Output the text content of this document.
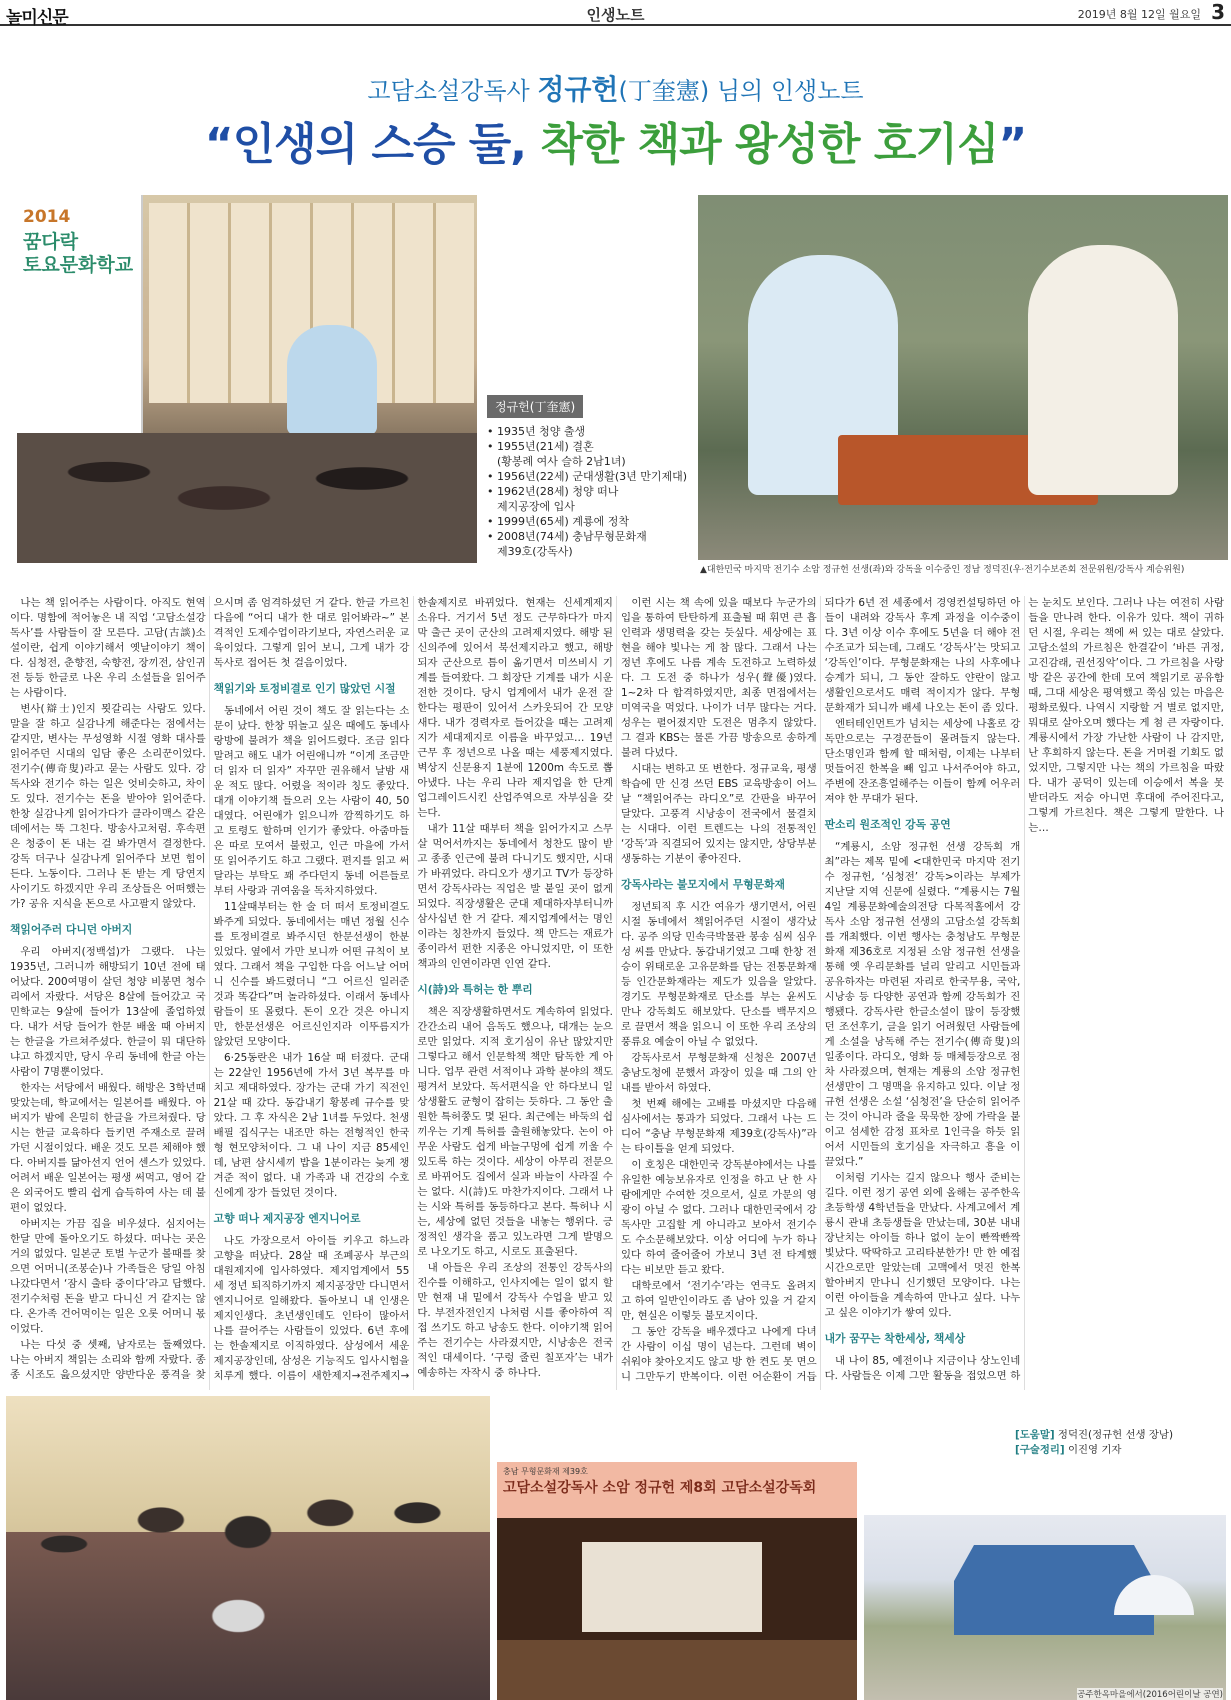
놀미신문	인생노트	2019년 8월 12일 월요일 3
고담소설강독사 정규헌(丁奎憲) 님의 인생노트
“인생의 스승 둘, 착한 책과 왕성한 호기심”
2014
꿈다락
토요문화학교
정규헌(丁奎憲)
• 1935년 청양 출생
• 1955년(21세) 결혼
(황봉례 여사 슬하 2남1녀)
• 1956년(22세) 군대생활(3년 만기제대)
• 1962년(28세) 청양 떠나
제지공장에 입사
• 1999년(65세) 계룡에 정착
• 2008년(74세) 충남무형문화재
제39호(강독사)
▲대한민국 마지막 전기수 소암 정규헌 선생(좌)와 강독을 이수중인 정남 정덕진(우·전기수보존회 전문위원/강독사 계승위원)

나는 책 읽어주는 사람이다. 아직도 현역이다. 명함에 적어놓은 내 직업 ‘고담소설강독사’를 사람들이 잘 모른다. 고담(古談)소설이란, 쉽게 이야기해서 옛날이야기 책이다. 심청전, 춘향전, 숙향전, 장끼전, 삼인귀전 등등 한글로 나온 우리 소설들을 읽어주는 사람이다.

변사(辯士)인지 묏갈리는 사람도 있다. 말을 잘 하고 실감나게 해준다는 점에서는 같지만, 변사는 무성영화 시절 영화 대사를 읽어주던 시대의 입담 좋은 소리꾼이었다. 전기수(傳奇叟)라고 묻는 사람도 있다. 강독사와 전기수 하는 일은 엇비슷하고, 차이도 있다. 전기수는 돈을 받아야 읽어준다. 한창 실감나게 읽어가다가 클라이맥스 같은 데에서는 뚝 그친다. 방송사고처럼. 후속편은 청중이 돈 내는 걸 봐가면서 결정한다. 강독 더구나 실감나게 읽어주다 보면 힘이 든다. 노동이다. 그러나 돈 받는 게 당연지사이기도 하겠지만 우리 조상들은 어떠했는가? 공유 지식을 돈으로 사고팔지 않았다.

책읽어주러 다니던 아버지

우리 아버지(정백섭)가 그랬다. 나는 1935년, 그러니까 해방되기 10년 전에 태어났다. 200여명이 살던 청양 비봉면 청수리에서 자랐다. 서당은 8살에 들어갔고 국민학교는 9살에 들어가 13살에 졸업하였다. 내가 서당 들어가 한문 배울 때 아버지는 한글을 가르쳐주셨다. 한글이 뭐 대단하냐고 하겠지만, 당시 우리 동네에 한글 아는 사람이 7명뿐이었다.

한자는 서당에서 배웠다. 해방은 3학년때 맞았는데, 학교에서는 일본어를 배웠다. 아버지가 밤에 은밀히 한글을 가르쳐줬다. 당시는 한글 교육하다 들키면 주재소로 끌려가던 시절이었다. 배운 것도 모른 체해야 했다. 아버지를 닮아선지 언어 센스가 있었다. 어려서 배운 일본어는 평생 써먹고, 영어 같은 외국어도 빨리 쉽게 습득하여 사는 데 불편이 없었다.

아버지는 가끔 집을 비우셨다. 심지어는 한달 만에 돌아오기도 하셨다. 떠나는 곳은 거의 없었다. 일본군 토벌 누군가 볼때를 찾으면 어머니(조봉순)나 가족들은 당일 아침 나갔다면서 ‘잠시 출타 중이다’라고 답했다. 전기수처럼 돈을 받고 다니신 거 같지는 않다. 온가족 건어먹이는 일은 오롯 어머니 몫이었다.

나는 다섯 중 셋째, 남자로는 둘째였다. 나는 아버지 책읽는 소리와 함께 자랐다. 종종 시조도 읊으셨지만 양반다운 풍격을 찾으시며 좀 엄격하셨던 거 같다. 한글 가르친 다음에 “어디 내가 한 대로 읽어봐라~” 본격적인 도제수업이라기보다, 자연스러운 교육이었다. 그렇게 읽어 보니, 그게 내가 강독사로 접어든 첫 걸음이었다.

책읽기와 토정비결로 인기 많았던 시절

동네에서 어린 것이 책도 잘 읽는다는 소문이 났다. 한창 뛰놀고 싶은 때에도 동네사랑방에 불려가 책을 읽어드렸다. 조금 읽다 말려고 해도 내가 어린애니까 “이게 조금만 더 읽자 더 읽자” 자꾸만 권유해서 날밤 새운 적도 많다. 어렸을 적이라 칭도 좋았다. 대개 이야기책 들으러 오는 사람이 40, 50대였다. 어린애가 읽으니까 깜찍하기도 하고 토령도 할하며 인기가 좋았다. 아줌마들은 따로 모여서 불렀고, 인근 마을에 가서 또 읽어주기도 하고 그랬다. 편지를 읽고 써달라는 부탁도 꽤 주다던지 동네 어른들로부터 사랑과 귀여움을 독차지하였다.

11살때부터는 한 술 더 떠서 토정비결도 봐주게 되었다. 동네에서는 매년 정월 신수를 토정비결로 봐주시던 한문선생이 한분 있었다. 옆에서 가만 보니까 어떤 규칙이 보였다. 그래서 책을 구입한 다음 어느날 어머니 신수를 봐드렸더니 “그 어르신 일러준 것과 똑같다”며 놀라하셨다. 이래서 동네사람들이 또 몰렸다. 돈이 오간 것은 아니지만, 한문선생은 어르신인지라 이뚜름지가 않았던 모양이다.

6·25동란은 내가 16살 때 터졌다. 군대는 22살인 1956년에 가서 3년 복무를 마치고 제대하였다. 장가는 군대 가기 직전인 21살 때 갔다. 동갑내기 황봉례 규수를 맞았다. 그 후 자식은 2남 1녀를 두었다. 천생배필 집식구는 내조만 하는 전형적인 한국형 현모양처이다. 그 내 나이 지금 85세인데, 남편 삼시세끼 밥을 1분이라는 늦게 챙겨준 적이 없다. 내 가족과 내 건강의 수호신에게 장가 들었던 것이다.

고향 떠나 제지공장 엔지니어로

나도 가장으로서 아이들 키우고 하느라 고향을 떠났다. 28살 때 조폐공사 부근의 대원제지에 입사하였다. 제지업계에서 55세 정년 퇴직하기까지 제지공장만 다니면서 엔지니어로 일해왔다. 돌아보니 내 인생은 제지인생다. 초년생인데도 인타이 많아서 나를 끌어주는 사람들이 있었다. 6년 후에는 한솔제지로 이직하였다. 삼성에서 세운 제지공장인데, 삼성은 기능직도 입사시험을 치루게 했다. 이름이 새한제지→전주제지→한솔제지로 바뀌었다. 현재는 신세계제지 소유다. 거기서 5년 정도 근무하다가 마지막 출근 곳이 군산의 고려제지였다. 해방 된 신의주에 있어서 북선제지라고 했고, 해방되자 군산으로 틈이 옮기면서 미쓰비시 기계를 들여왔다. 그 회장단 기계를 내가 시운전한 것이다. 당시 업계에서 내가 운전 잘 한다는 평판이 있어서 스카웃되어 간 모양새다. 내가 경력자로 들어갔을 때는 고려제지가 세대제지로 이름을 바꾸었고… 19년 근무 후 정년으로 나올 때는 세풍제지였다. 벽상지 신문용지 1분에 1200m 속도로 뽑아냈다. 나는 우리 나라 제지업을 한 단계 업그레이드시킨 산업주역으로 자부심을 갖는다.

내가 11살 때부터 책을 읽어가지고 스무살 먹어서까지는 동네에서 청찬도 많이 받고 종종 인근에 불려 다니기도 했지만, 시대가 바뀌었다. 라디오가 생기고 TV가 등장하면서 강독사라는 직업은 발 붙일 곳이 없게 되었다. 직장생활은 군대 제대하자부터니까 삼사십년 한 거 같다. 제지업계에서는 명인이라는 칭찬까지 들었다. 책 만드는 재료가 종이라서 펀한 지종은 아니었지만, 이 또한 책과의 인연이라면 인연 같다.

시(詩)와 특허는 한 뿌리

책은 직장생활하면서도 계속하여 읽었다. 간간소리 내어 음독도 했으나, 대개는 눈으로만 읽었다. 지적 호기심이 유난 많았지만 그렇다고 해서 인문학책 책만 탐독한 게 아니다. 업무 관련 서적이나 과학 분야의 책도 평겨서 보았다. 독서편식을 안 하다보니 일상생활도 균형이 잡히는 듯하다. 그 동안 출원한 특허쭝도 몇 된다. 최근에는 바둑의 쉽 끼우는 기계 특허를 출원해놓았다. 논이 아무운 사람도 쉽게 바늘구멍에 쉽게 끼울 수 있도록 하는 것이다. 세상이 아무리 전문으로 바뀌어도 집에서 실과 바늘이 사라질 수는 없다. 시(詩)도 마찬가지이다. 그래서 나는 시와 특허를 동등하다고 본다. 특허나 시는, 세상에 없던 것들을 내놓는 행위다. 긍정적인 생각을 품고 있노라면 그게 발명으로 나오기도 하고, 시로도 표출된다.

내 아들은 우리 조상의 전통인 강독사의 진수를 이해하고, 인사지에는 일이 없지 할만 현재 내 밑에서 강독사 수업을 받고 있다. 부전자전인지 나처럼 시를 좋아하여 직접 쓰기도 하고 낭송도 한다. 이야기책 읽어주는 전기수는 사라졌지만, 시낭송은 전국적인 대세이다. ‘구렁 줄린 칠포자’는 내가 예송하는 자작시 중 하나다.

이런 시는 책 속에 있을 때보다 누군가의 입을 통하여 탄탄하게 표출될 때 휘면 큰 흡인력과 생명력을 갖는 듯싶다. 세상에는 표현을 해야 빛나는 게 참 많다. 그래서 나는 정년 후에도 나름 계속 도전하고 노력하셨다. 그 도전 중 하나가 성우(聲優)였다. 1~2차 다 합격하였지만, 최종 면접에서는 미역국을 먹었다. 나이가 너무 많다는 거다. 성우는 펼어졌지만 도전은 멈추지 않았다. 그 결과 KBS는 물론 가끔 방송으로 송하게 불려 다녔다.

시대는 변하고 또 변한다. 정규교육, 평생학습에 만 신경 쓰던 EBS 교육방송이 어느날 “책읽어주는 라디오”로 간판을 바꾸어 달았다. 고풍격 시낭송이 전국에서 물결치는 시대다. 이런 트렌드는 나의 전통적인 ‘강독’과 직결되어 있지는 않지만, 상당부분 생동하는 기분이 좋아진다.

강독사라는 불모지에서 무형문화재

정년퇴직 후 시간 여유가 생기면서, 어린 시절 동네에서 책읽어주던 시절이 생각났다. 공주 의당 민속극박물관 봉송 심씨 심우성 씨를 만났다. 동갑내기였고 그때 한창 전승이 위태로운 고유문화를 담는 전통문화재 등 인간문화재라는 제도가 있음을 알았다. 경기도 무형문화재로 단소를 부는 윤씨도 만나 강독회도 해보았다. 단소를 백무지으로 끌면서 책을 읽으니 이 또한 우리 조상의 풍류요 예술이 아닐 수 없었다.

강독사로서 무형문화재 신청은 2007년 충남도청에 문했서 과장이 있을 때 그의 안내를 받아서 하였다.

첫 번째 해에는 고배를 마셨지만 다음해 심사에서는 통과가 되었다. 그래서 나는 드디어 “충남 무형문화재 제39호(강독사)”라는 타이틀을 얻게 되었다.

이 호칭은 대한민국 강독분야에서는 나를 유일한 예능보유자로 인정을 하고 난 한 사람에게만 수여한 것으로서, 실로 가문의 영광이 아닐 수 없다. 그러나 대한민국에서 강독사만 고집할 게 아니라고 보아서 전기수도 수소문해보았다. 이상 어디에 누가 하나 있다 하여 줄어줄어 가보니 3년 전 타계했다는 비보만 듣고 왔다.

대학로에서 ‘전기수’라는 연극도 올려지고 하여 일반인이라도 좀 남아 있을 거 같지만, 현실은 이렇듯 불모지이다.

그 동안 강독을 배우겠다고 나에게 다녀간 사람이 이십 명이 넘는다. 그런데 벽이 쉬워야 찾아오지도 않고 방 한 켠도 못 면으니 그만두기 반복이다. 이런 어순환이 거듭되다가 6년 전 세종에서 경영컨설팅하던 아들이 내려와 강독사 후계 과정을 이수중이다. 3년 이상 이수 후에도 5년을 더 해야 전수조교가 되는데, 그래도 ‘강독사’는 맛되고 ‘강독인’이다. 무형문화재는 나의 사후에나 승계가 되니, 그 동안 잘하도 얀란이 않고 생활인으로서도 매력 적이지가 않다. 무형문화재가 되니까 배세 나오는 돈이 좀 있다.

엔터테인먼트가 넘치는 세상에 나홀로 강독만으로는 구경꾼들이 몰려들지 않는다. 단소명인과 함께 할 때처럼, 이제는 나부터 멋들어진 한복을 빼 입고 나서주어야 하고, 주변에 잔조흥얼해주는 이들이 함께 어우러져야 한 무대가 된다.

판소리 원조적인 강독 공연

“계룡시, 소암 정규헌 선생 강독회 개최”라는 제목 밑에 <대한민국 마지막 전기수 정규헌, ‘심청전’ 강독>이라는 부제가 지난달 지역 신문에 실렸다. “계룡시는 7월 4일 계룡문화예술의전당 다목적홀에서 강독사 소암 정규헌 선생의 고담소설 강독회를 개최했다. 이번 행사는 충청남도 무형문화재 제36호로 지정된 소암 정규헌 선생을 통해 옛 우리문화를 널리 알리고 시민들과 공유하자는 마련된 자리로 한국무용, 국악, 시낭송 등 다양한 공연과 함께 강독회가 진행됐다. 강독사란 한글소설이 많이 등장했던 조선후기, 글을 읽기 어려웠던 사람들에게 소설을 낭독해 주는 전기수(傳奇叟)의 일종이다. 라디오, 영화 등 매체등장으로 점차 사라졌으며, 현재는 계룡의 소암 정규헌 선생만이 그 명맥을 유지하고 있다. 이날 정규헌 선생은 소설 ‘심청전’을 단순히 읽어주는 것이 아니라 줄을 묵묵한 장에 가락을 붙이고 섬세한 감정 표차로 1인극을 하듯 읽어서 시민들의 호기심을 자극하고 흥을 이끌었다.”

이처럼 기사는 길지 않으나 행사 준비는 길다. 이런 정기 공연 외에 올해는 공주한옥 초등학생 4학년들을 만났다. 사계고에서 계룡시 관내 초등생들을 만났는데, 30분 내내 장난치는 아이들 하나 없이 눈이 빤짝빤짝 빛났다. 딱딱하고 고리타분한가! 만 한 예접 시간으로만 알았는데 고맥에서 멋진 한복 할아버지 만나니 신기했던 모양이다. 나는 이런 아이들을 계속하여 만나고 싶다. 나누고 싶은 이야기가 쌓여 있다.

내가 꿈꾸는 착한세상, 책세상

내 나이 85, 예전이나 지금이나 상노인네다. 사람들은 이제 그만 활동을 접었으면 하는 눈치도 보인다. 그러나 나는 여전히 사람들을 만나려 한다. 이유가 있다. 책이 귀하던 시절, 우리는 책에 써 있는 대로 살았다. 고담소설의 가르침은 한결같이 ‘바른 귀정, 고진감래, 권선징악’이다. 그 가르침을 사랑방 같은 공간에 한데 모여 책읽기로 공유함 때, 그대 세상은 평역했고 쭉심 있는 마음은 평화로웠다. 나역시 지랑할 거 별로 없지만, 뭐대로 살아오며 했다는 게 첨 큰 자랑이다. 계룡시에서 가장 가난한 사람이 나 감지만, 난 후회하지 않는다. 돈을 거머쥘 기회도 없었지만, 그렇지만 나는 책의 가르침을 따랐다. 내가 공덕이 있는데 이승에서 복을 못 받더라도 저승 아니면 후대에 주어진다고, 그렇게 가르친다. 책은 그렇게 말한다. 나는…

충남 무형문화재 제39호
고담소설강독사 소암 정규헌 제8회 고담소설강독회
[도움말] 정덕진(정규헌 선생 장남)
[구술정리] 이진영 기자
공주한옥마을에서(2016어린이날 공연)
